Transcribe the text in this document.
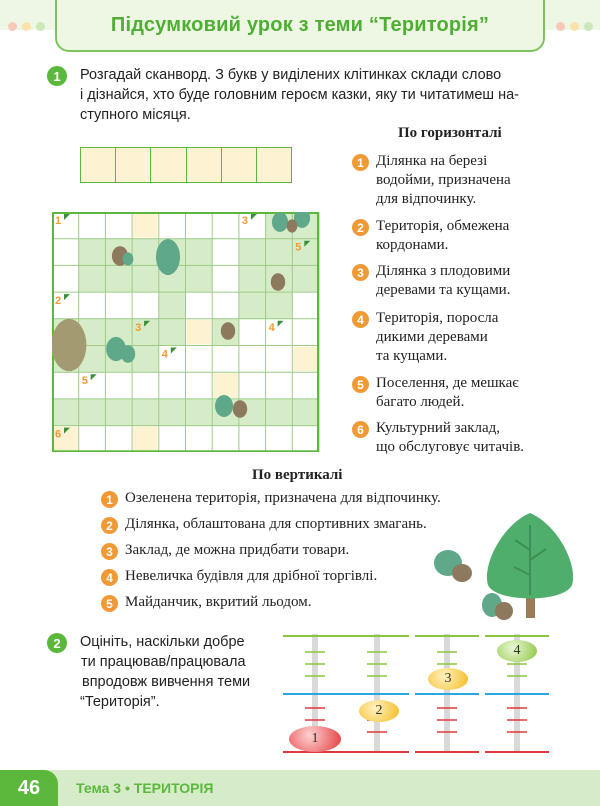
Підсумковий урок з теми “Територія”
1	Розгадай сканворд. З букв у виділених клітинках склади слово
і дізнайся, хто буде головним героєм казки, яку ти читатимеш на-
ступного місяця.
1	3
5
2
3	4
4
5
6
По горизонталі
1 Ділянка на березі
водойми, призначена
для відпочинку.
2 Територія, обмежена
кордонами.
3 Ділянка з плодовими
деревами та кущами.
4 Територія, поросла
дикими деревами
та кущами.
5 Поселення, де мешкає
багато людей.
6 Культурний заклад,
що обслуговує читачів.
По вертикалі
1 Озеленена територія, призначена для відпочинку.
2 Ділянка, облаштована для спортивних змагань.
3 Заклад, де можна придбати товари.
4 Невеличка будівля для дрібної торгівлі.
5 Майданчик, вкритий льодом.
2	Оцініть, наскільки добре
ти працював/працювала
впродовж вивчення теми
“Територія”.
1
2
3
4
46	Тема 3 • ТЕРИТОРІЯ
